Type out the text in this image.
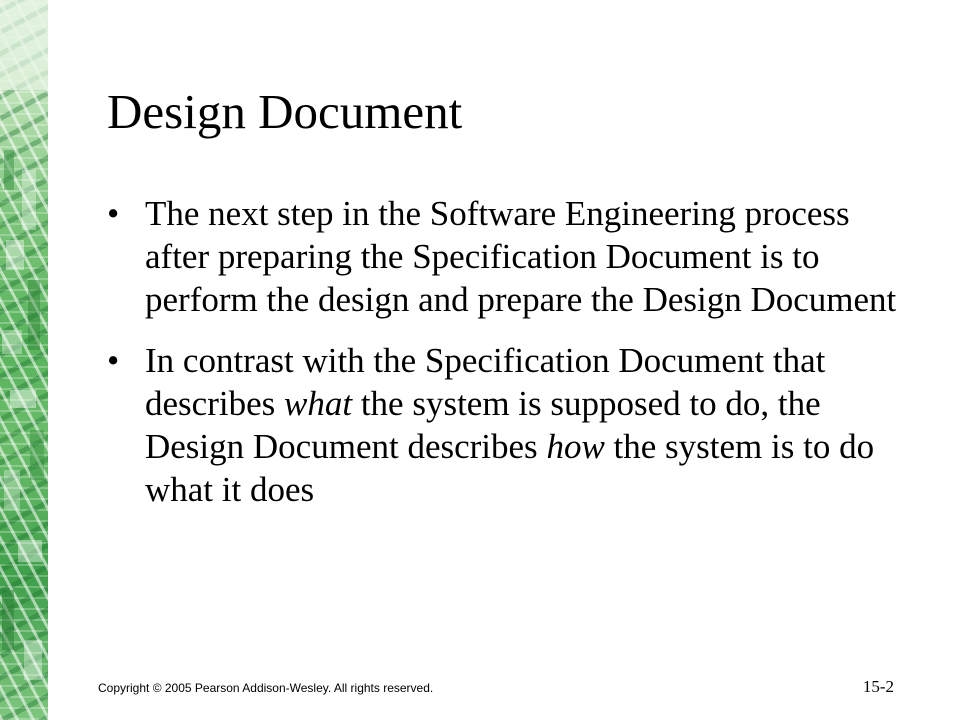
Design Document
• The next step in the Software Engineering process after preparing the Specification Document is to perform the design and prepare the Design Document
• In contrast with the Specification Document that describes what the system is supposed to do, the Design Document describes how the system is to do what it does
Copyright © 2005 Pearson Addison-Wesley. All rights reserved.	15-2
